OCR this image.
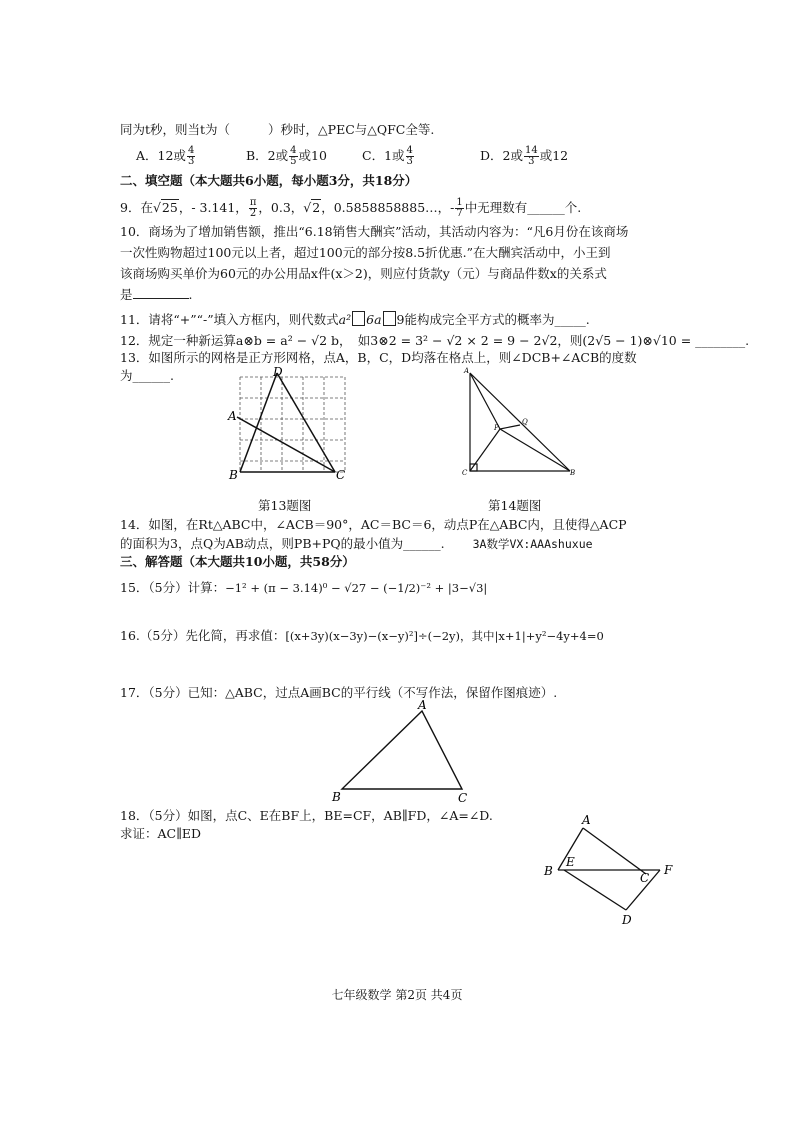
同为t秒，则当t为（	）秒时，△PEC与△QFC全等.
A．12或 $\frac{4}{3}$	B．2或 $\frac{4}{5}$ 或10	C．1或 $\frac{4}{3}$	D．2或 $\frac{14}{3}$ 或12
二、填空题（本大题共6小题，每小题3分，共18分）
9．在√25，- 3.141， $\frac{\pi}{2}$ ，0.3，√2，0.5858858885…，- $\frac{1}{7}$ 中无理数有______个.
10．商场为了增加销售额，推出“6.18销售大酬宾”活动，其活动内容为：“凡6月份在该商场
一次性购物超过100元以上者，超过100元的部分按8.5折优惠.”在大酬宾活动中，小王到
该商场购买单价为60元的办公用品x件(x＞2)，则应付货款y（元）与商品件数x的关系式
是	.
11．请将“+”“-”填入方框内，则代数式a² 6a 9能构成完全平方式的概率为_____.
12．规定一种新运算a⊗b = a² − √2 b，　如3⊗2 = 3² − √2 × 2 = 9 − 2√2，则(2√5 − 1)⊗√10 = ________.
13．如图所示的网格是正方形网格，点A，B，C，D均落在格点上，则∠DCB+∠ACB的度数
为______.	D
A
B	C
A
Q
P
C	B
第13题图	第14题图
14．如图，在Rt△ABC中，∠ACB＝90°，AC＝BC＝6，动点P在△ABC内，且使得△ACP
的面积为3，点Q为AB动点，则PB+PQ的最小值为______. 3A数学VX:AAAshuxue
三、解答题（本大题共10小题，共58分）
15．（5分）计算：−1² + (π − 3.14)⁰ − √27 − (−1/2)⁻² + |3−√3|
16.（5分）先化简，再求值：[(x+3y)(x−3y)−(x−y)²]÷(−2y)，其中|x+1|+y²−4y+4=0
17．（5分）已知：△ABC，过点A画BC的平行线（不写作法，保留作图痕迹）.
A
B	C
18．（5分）如图，点C、E在BF上，BE=CF，AB∥FD，∠A=∠D.
求证：AC∥ED
A
B
E
C
F
D
七年级数学 第2页 共4页
